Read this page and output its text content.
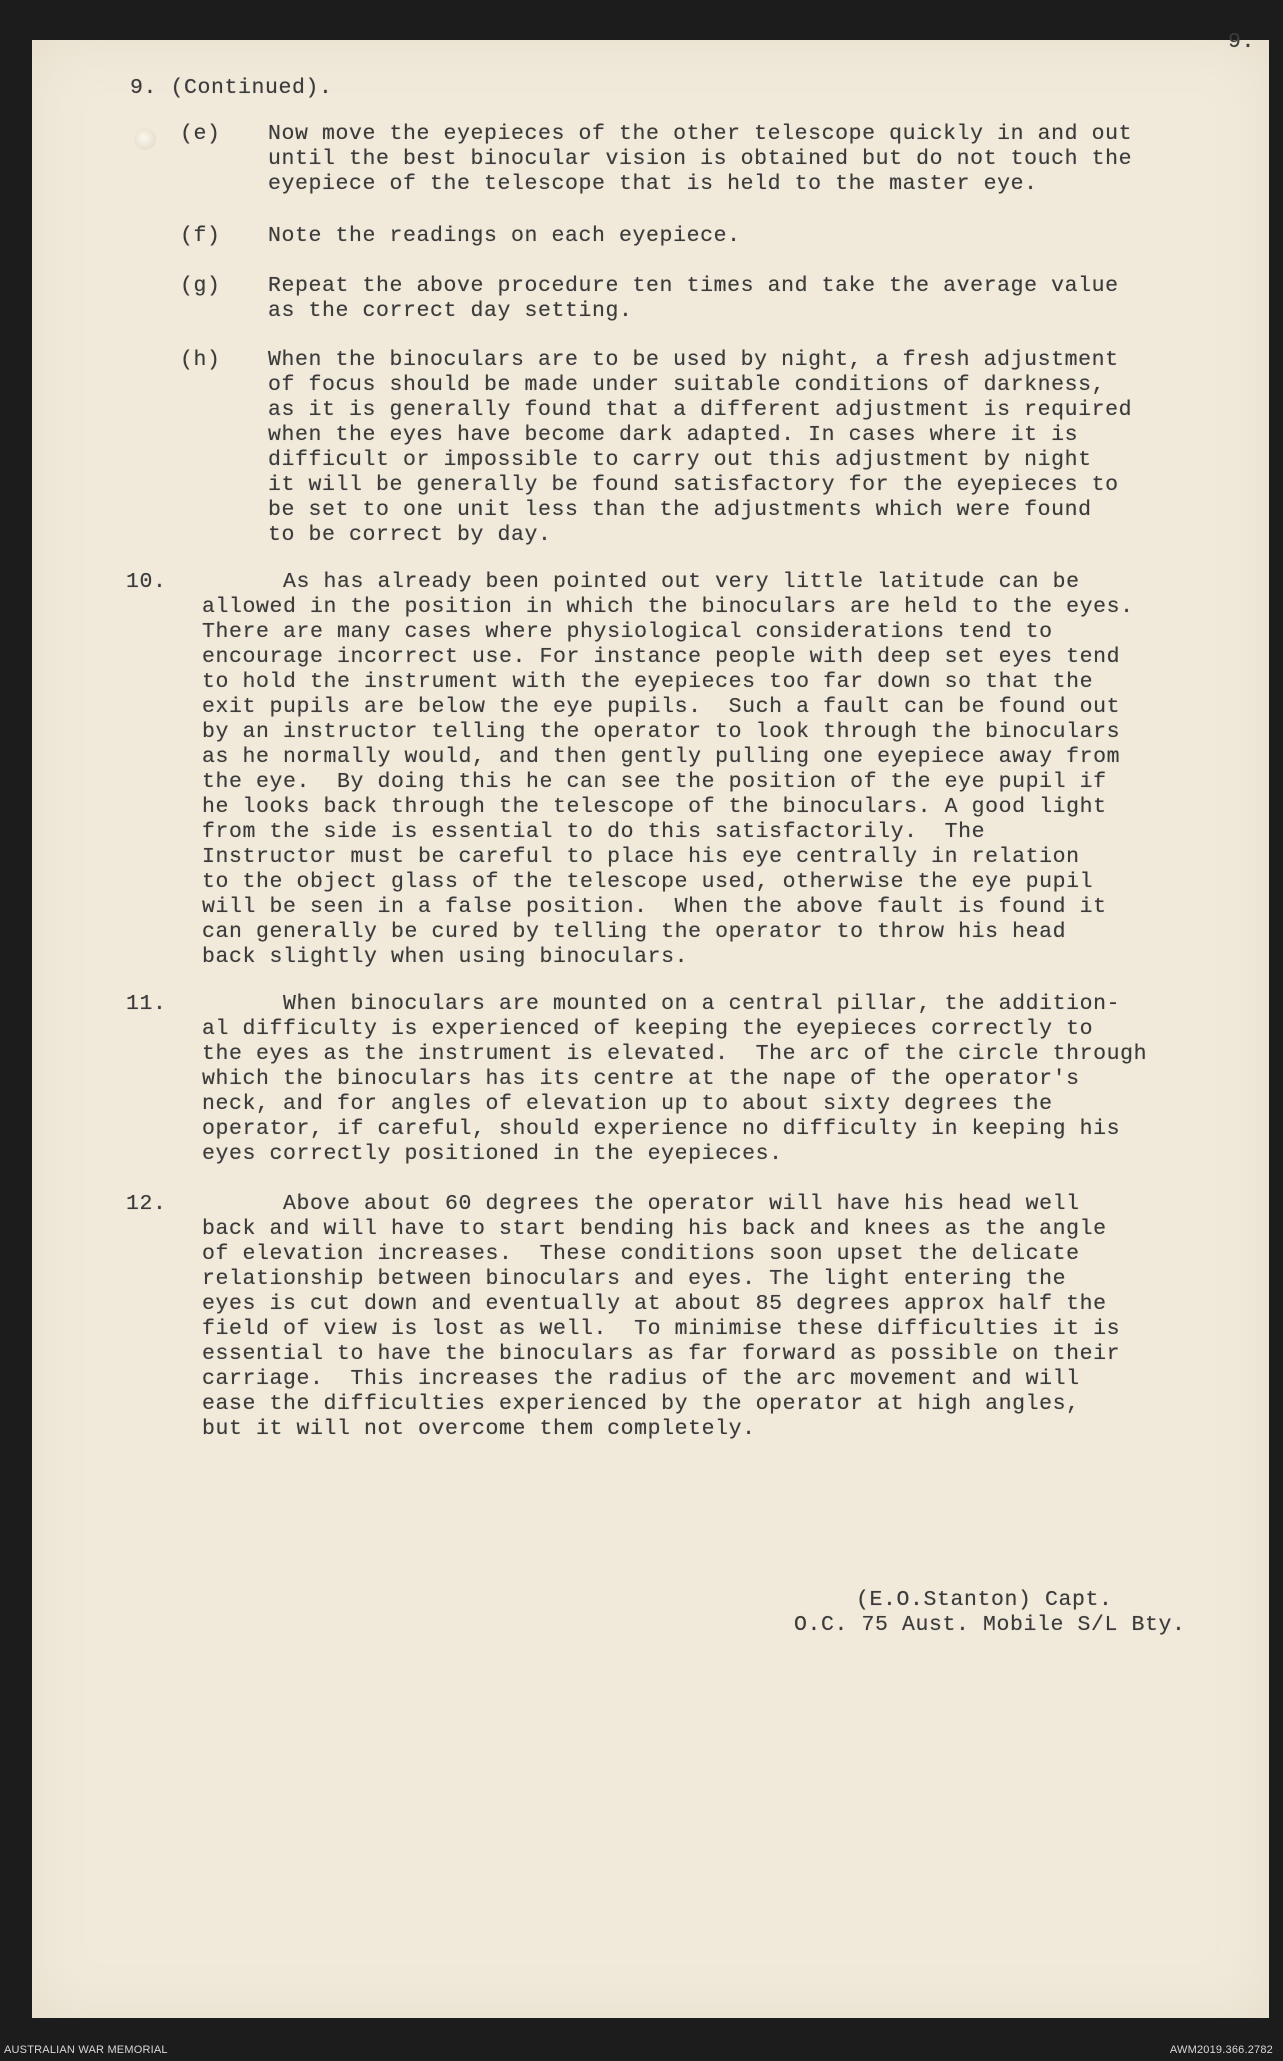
9.
9. (Continued).
(e) Now move the eyepieces of the other telescope quickly in and out
until the best binocular vision is obtained but do not touch the
eyepiece of the telescope that is held to the master eye.
(f) Note the readings on each eyepiece.
(g) Repeat the above procedure ten times and take the average value
as the correct day setting.
(h) When the binoculars are to be used by night, a fresh adjustment
of focus should be made under suitable conditions of darkness,
as it is generally found that a different adjustment is required
when the eyes have become dark adapted. In cases where it is
difficult or impossible to carry out this adjustment by night
it will be generally be found satisfactory for the eyepieces to
be set to one unit less than the adjustments which were found
to be correct by day.
10. As has already been pointed out very little latitude can be
allowed in the position in which the binoculars are held to the eyes.
There are many cases where physiological considerations tend to
encourage incorrect use. For instance people with deep set eyes tend
to hold the instrument with the eyepieces too far down so that the
exit pupils are below the eye pupils.  Such a fault can be found out
by an instructor telling the operator to look through the binoculars
as he normally would, and then gently pulling one eyepiece away from
the eye.  By doing this he can see the position of the eye pupil if
he looks back through the telescope of the binoculars. A good light
from the side is essential to do this satisfactorily.  The
Instructor must be careful to place his eye centrally in relation
to the object glass of the telescope used, otherwise the eye pupil
will be seen in a false position.  When the above fault is found it
can generally be cured by telling the operator to throw his head
back slightly when using binoculars.
11. When binoculars are mounted on a central pillar, the addition-
al difficulty is experienced of keeping the eyepieces correctly to
the eyes as the instrument is elevated.  The arc of the circle through
which the binoculars has its centre at the nape of the operator's
neck, and for angles of elevation up to about sixty degrees the
operator, if careful, should experience no difficulty in keeping his
eyes correctly positioned in the eyepieces.
12. Above about 60 degrees the operator will have his head well
back and will have to start bending his back and knees as the angle
of elevation increases.  These conditions soon upset the delicate
relationship between binoculars and eyes. The light entering the
eyes is cut down and eventually at about 85 degrees approx half the
field of view is lost as well.  To minimise these difficulties it is
essential to have the binoculars as far forward as possible on their
carriage.  This increases the radius of the arc movement and will
ease the difficulties experienced by the operator at high angles,
but it will not overcome them completely.
(E.O.Stanton) Capt.
O.C. 75 Aust. Mobile S/L Bty.
AUSTRALIAN WAR MEMORIAL	AWM2019.366.2782
